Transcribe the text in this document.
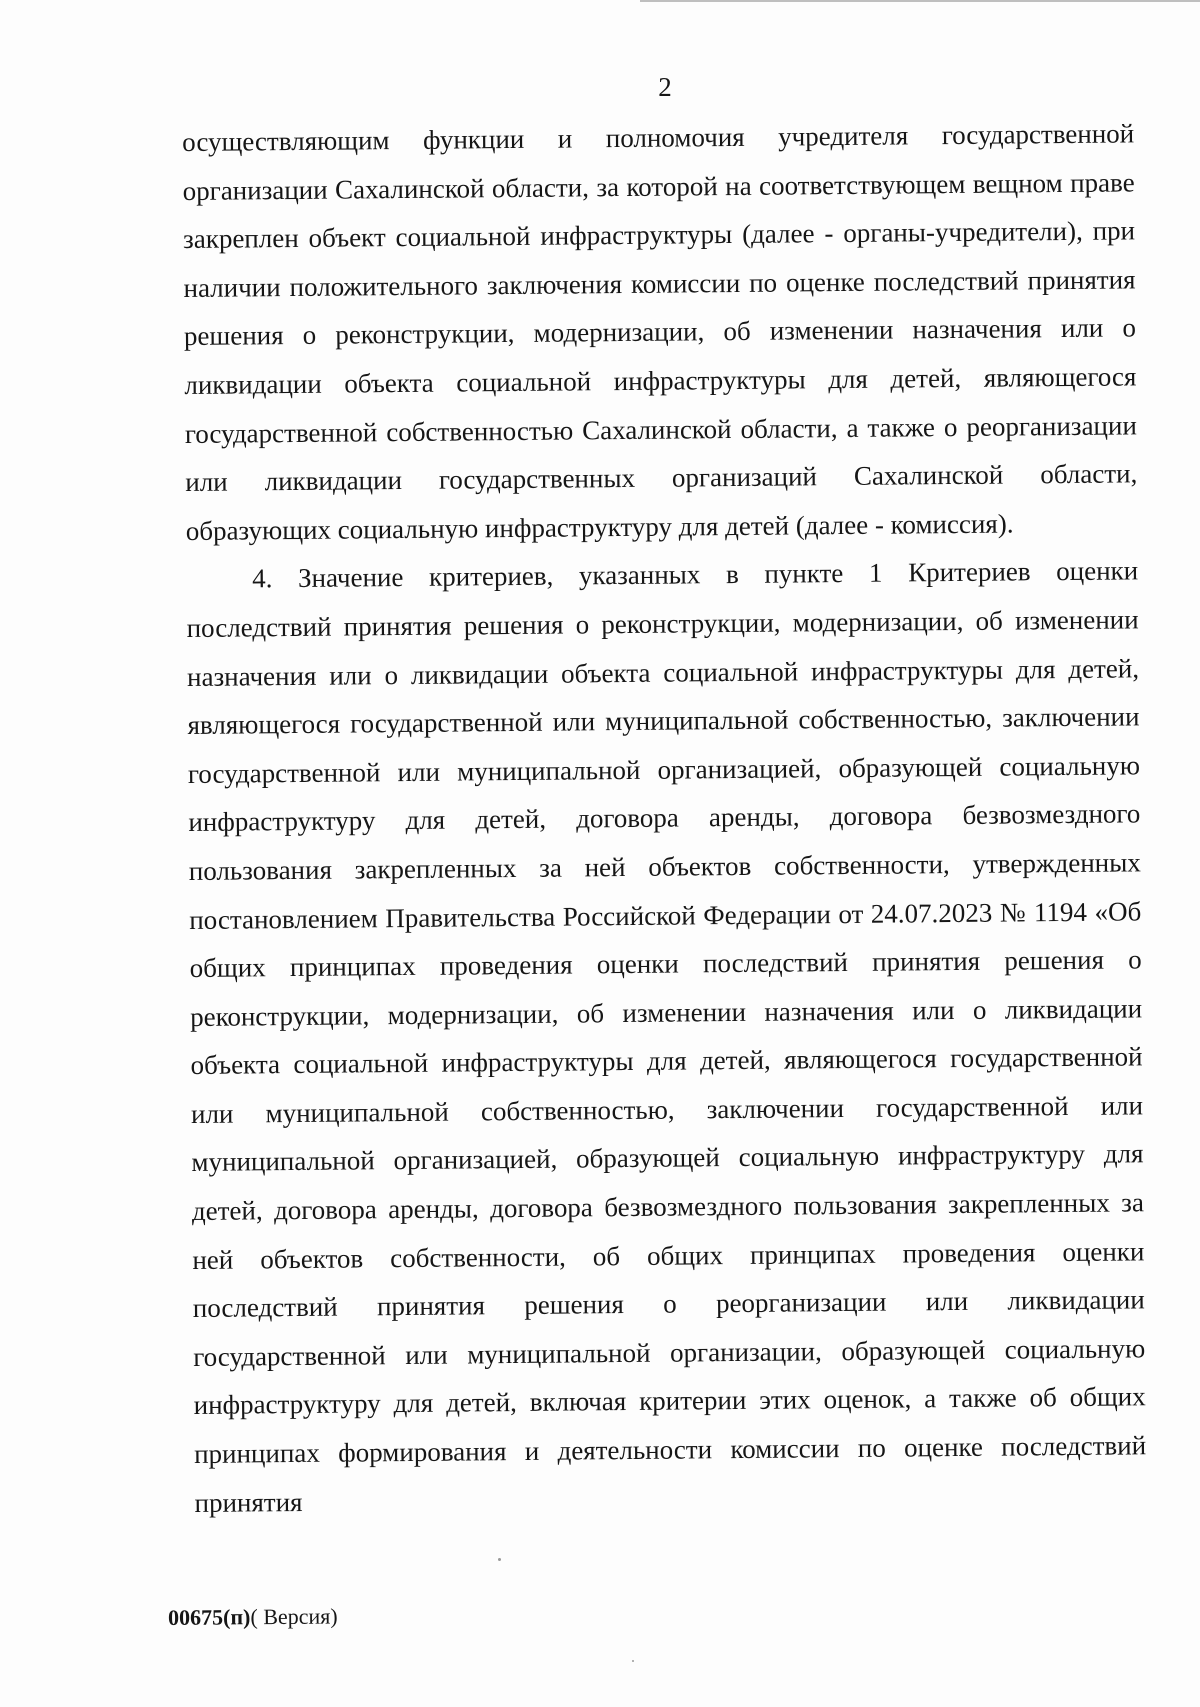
2

осуществляющим функции и полномочия учредителя государственной организации Сахалинской области, за которой на соответствующем вещном праве закреплен объект социальной инфраструктуры (далее - органы-учредители), при наличии положительного заключения комиссии по оценке последствий принятия решения о реконструкции, модернизации, об изменении назначения или о ликвидации объекта социальной инфраструктуры для детей, являющегося государственной собственностью Сахалинской области, а также о реорганизации или ликвидации государственных организаций Сахалинской области, образующих социальную инфраструктуру для детей (далее - комиссия).

4. Значение критериев, указанных в пункте 1 Критериев оценки последствий принятия решения о реконструкции, модернизации, об изменении назначения или о ликвидации объекта социальной инфраструктуры для детей, являющегося государственной или муниципальной собственностью, заключении государственной или муниципальной организацией, образующей социальную инфраструктуру для детей, договора аренды, договора безвозмездного пользования закрепленных за ней объектов собственности, утвержденных постановлением Правительства Российской Федерации от 24.07.2023 № 1194 «Об общих принципах проведения оценки последствий принятия решения о реконструкции, модернизации, об изменении назначения или о ликвидации объекта социальной инфраструктуры для детей, являющегося государственной или муниципальной собственностью, заключении государственной или муниципальной организацией, образующей социальную инфраструктуру для детей, договора аренды, договора безвозмездного пользования закрепленных за ней объектов собственности, об общих принципах проведения оценки последствий принятия решения о реорганизации или ликвидации государственной или муниципальной организации, образующей социальную инфраструктуру для детей, включая критерии этих оценок, а также об общих принципах формирования и деятельности комиссии по оценке последствий принятия

00675(п)( Версия)
